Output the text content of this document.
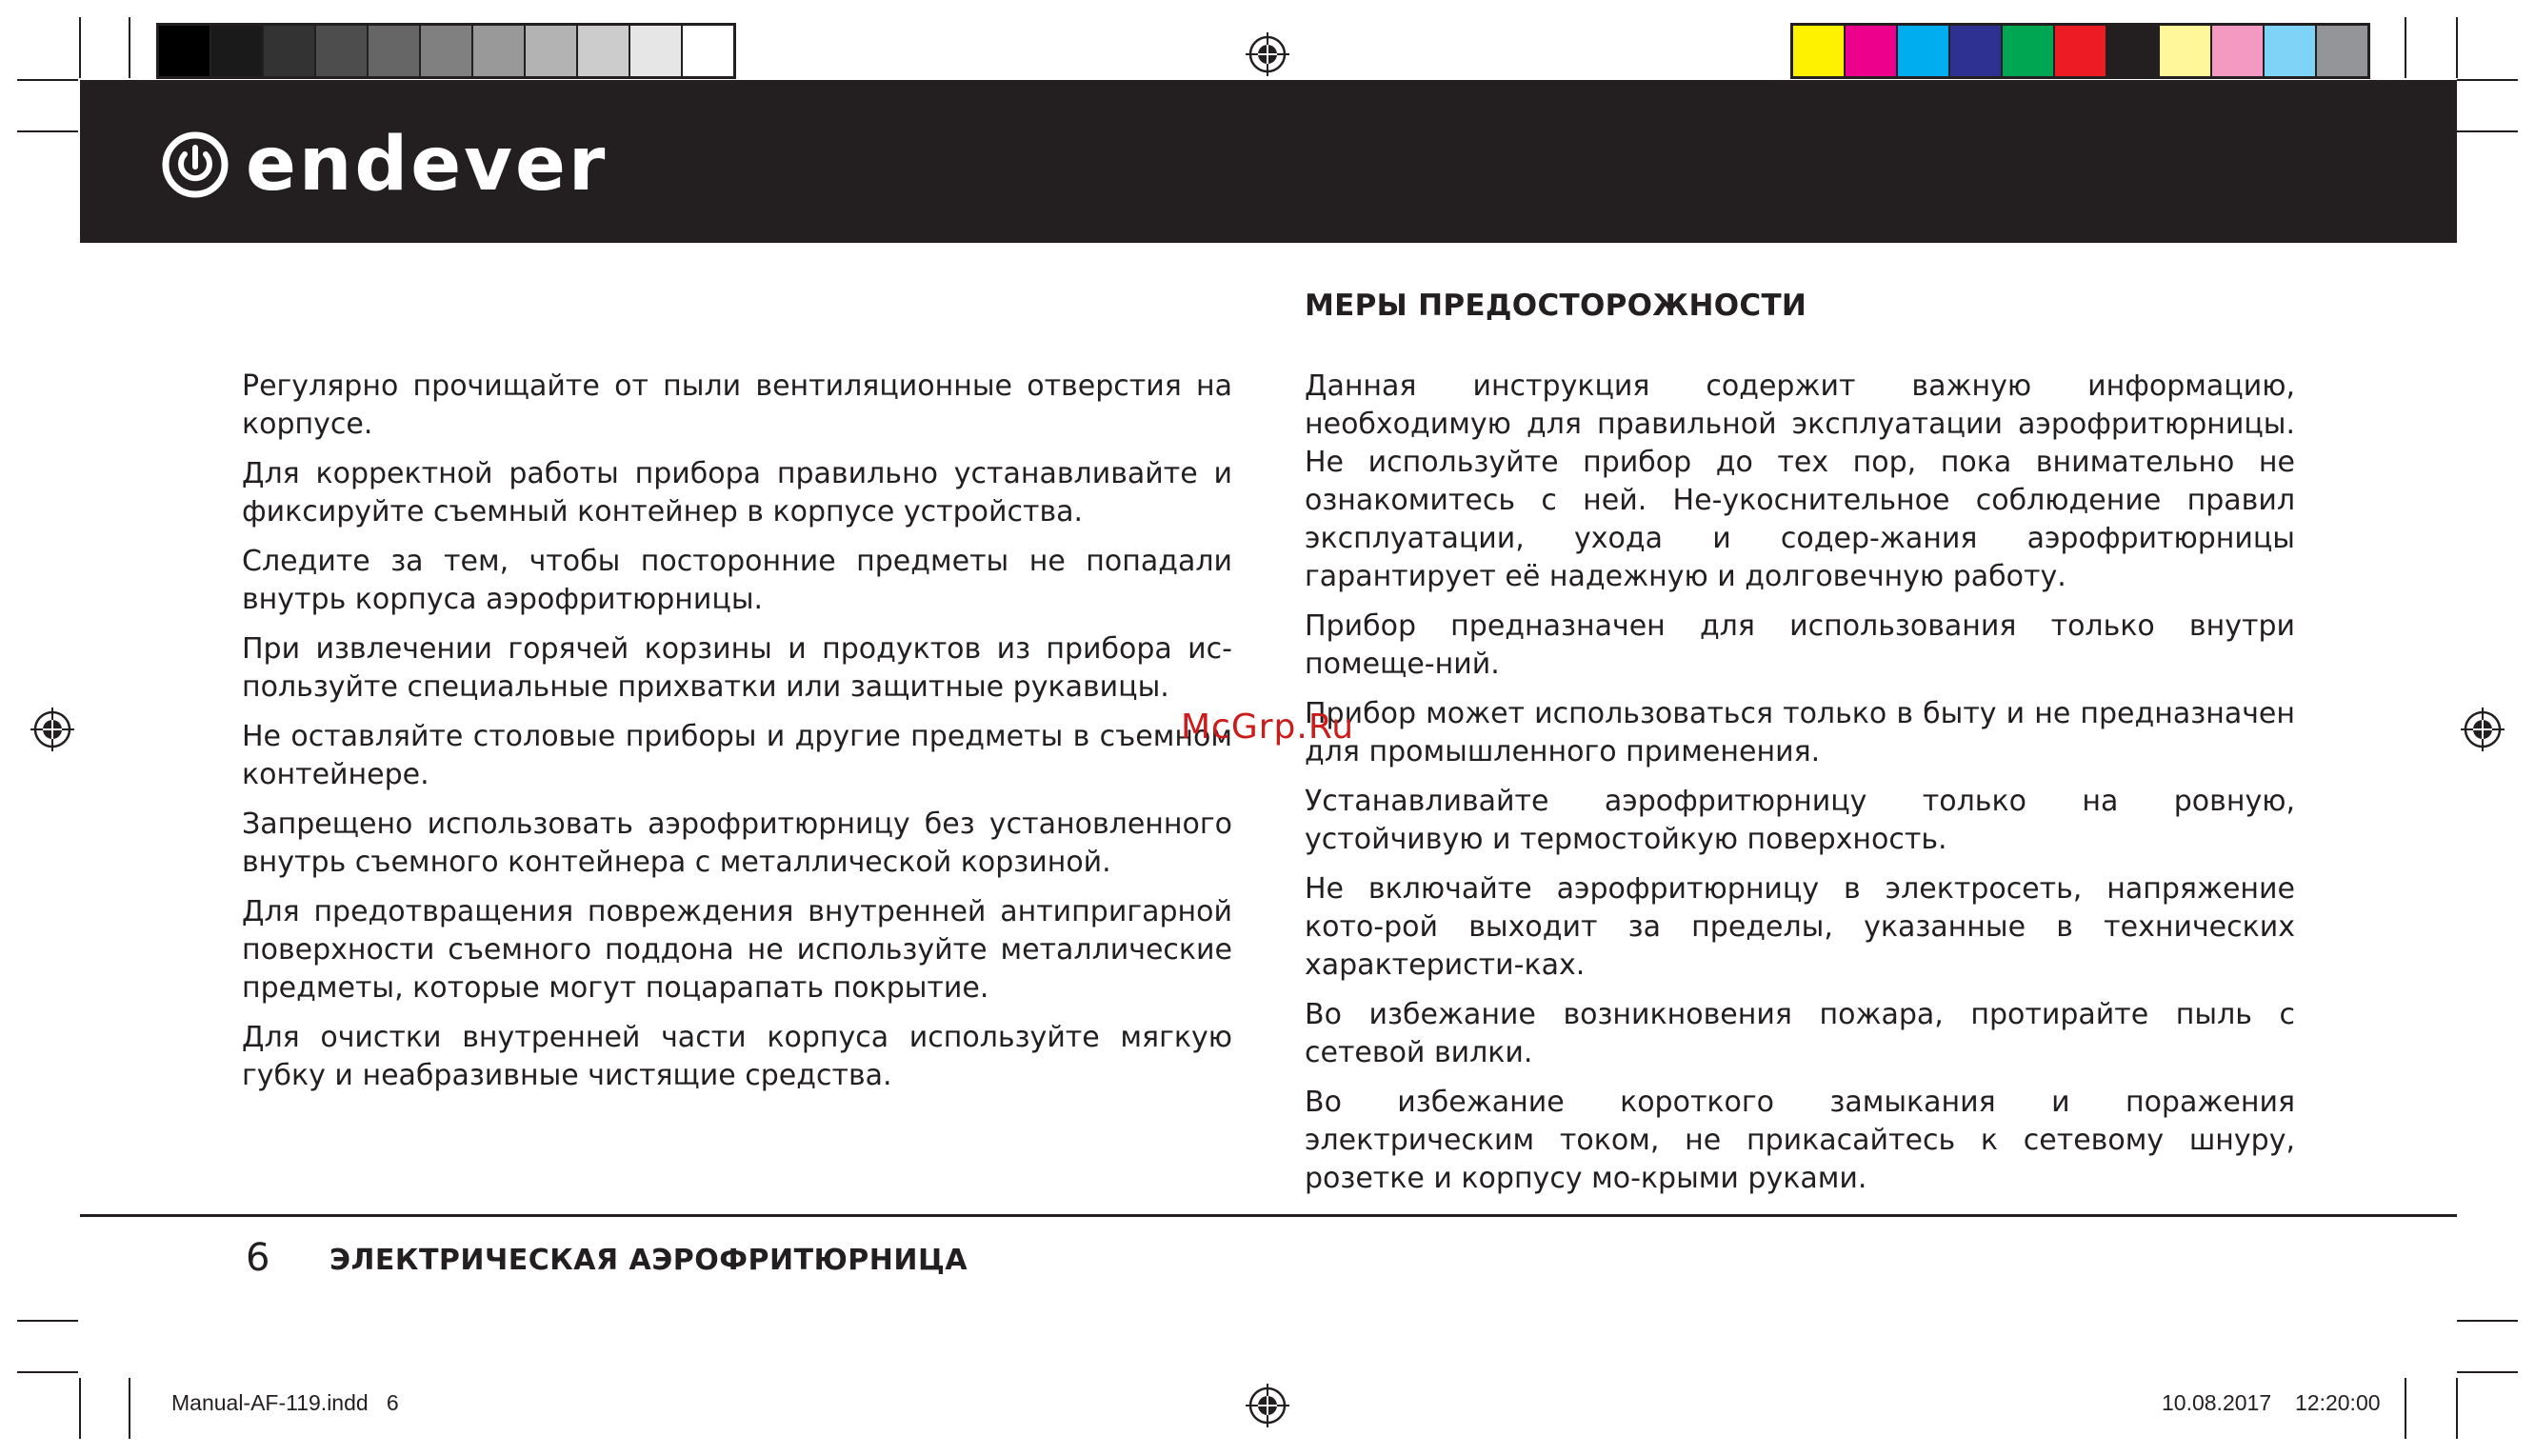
endever
МЕРЫ ПРЕДОСТОРОЖНОСТИ

Регулярно прочищайте от пыли вентиляционные отверстия на корпусе.

Для корректной работы прибора правильно устанавливайте и фиксируйте съемный контейнер в корпусе устройства.

Следите за тем, чтобы посторонние предметы не попадали внутрь корпуса аэрофритюрницы.

При извлечении горячей корзины и продуктов из прибора ис-пользуйте специальные прихватки или защитные рукавицы.

Не оставляйте столовые приборы и другие предметы в съемном контейнере.

Запрещено использовать аэрофритюрницу без установленного внутрь съемного контейнера с металлической корзиной.

Для предотвращения повреждения внутренней антипригарной поверхности съемного поддона не используйте металлические предметы, которые могут поцарапать покрытие.

Для очистки внутренней части корпуса используйте мягкую губку и неабразивные чистящие средства.

Данная инструкция содержит важную информацию, необходимую для правильной эксплуатации аэрофритюрницы. Не используйте прибор до тех пор, пока внимательно не ознакомитесь с ней. Не-укоснительное соблюдение правил эксплуатации, ухода и содер-жания аэрофритюрницы гарантирует её надежную и долговечную работу.

Прибор предназначен для использования только внутри помеще-ний.

Прибор может использоваться только в быту и не предназначен для промышленного применения.

Устанавливайте аэрофритюрницу только на ровную, устойчивую и термостойкую поверхность.

Не включайте аэрофритюрницу в электросеть, напряжение кото-рой выходит за пределы, указанные в технических характеристи-ках.

Во избежание возникновения пожара, протирайте пыль с сетевой вилки.

Во избежание короткого замыкания и поражения электрическим током, не прикасайтесь к сетевому шнуру, розетке и корпусу мо-крыми руками.

McGrp.Ru
6 ЭЛЕКТРИЧЕСКАЯ АЭРОФРИТЮРНИЦА
Manual-AF-119.indd   6	10.08.2017 12:20:00
